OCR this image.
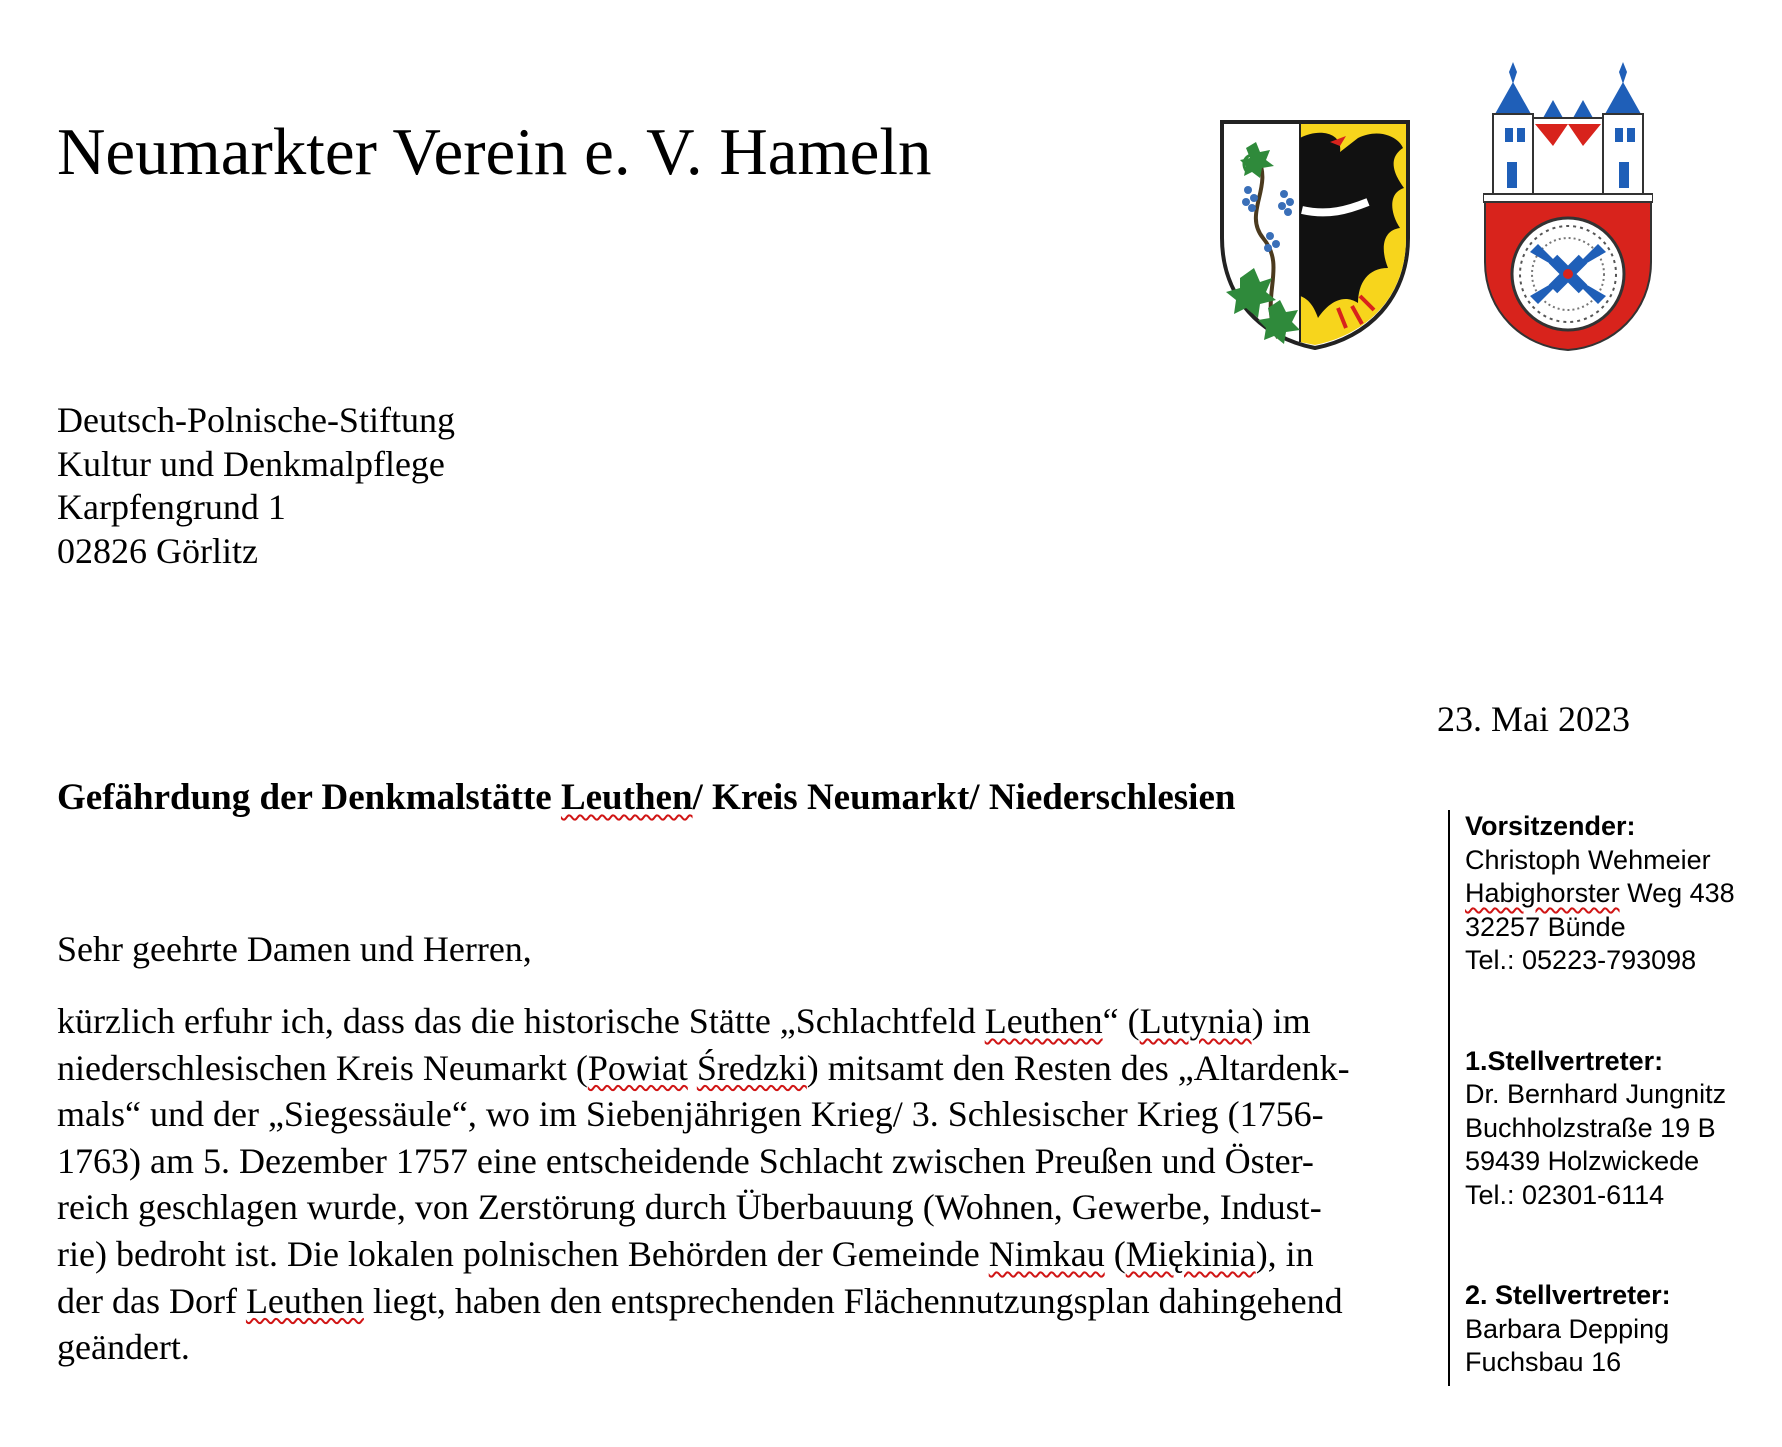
Neumarkter Verein e. V. Hameln
Deutsch-Polnische-Stiftung
Kultur und Denkmalpflege
Karpfengrund 1
02826 Görlitz
23. Mai 2023
Gefährdung der Denkmalstätte Leuthen/ Kreis Neumarkt/ Niederschlesien
Sehr geehrte Damen und Herren,
kürzlich erfuhr ich, dass das die historische Stätte „Schlachtfeld Leuthen“ (Lutynia) im
niederschlesischen Kreis Neumarkt (Powiat Średzki) mitsamt den Resten des „Altardenk-
mals“ und der „Siegessäule“, wo im Siebenjährigen Krieg/ 3. Schlesischer Krieg (1756-
1763) am 5. Dezember 1757 eine entscheidende Schlacht zwischen Preußen und Öster-
reich geschlagen wurde, von Zerstörung durch Überbauung (Wohnen, Gewerbe, Indust-
rie) bedroht ist. Die lokalen polnischen Behörden der Gemeinde Nimkau (Miękinia), in
der das Dorf Leuthen liegt, haben den entsprechenden Flächennutzungsplan dahingehend
geändert.
Vorsitzender:
Christoph Wehmeier
Habighorster Weg 438
32257 Bünde
Tel.: 05223-793098
1.Stellvertreter:
Dr. Bernhard Jungnitz
Buchholzstraße 19 B
59439 Holzwickede
Tel.: 02301-6114
2. Stellvertreter:
Barbara Depping
Fuchsbau 16
